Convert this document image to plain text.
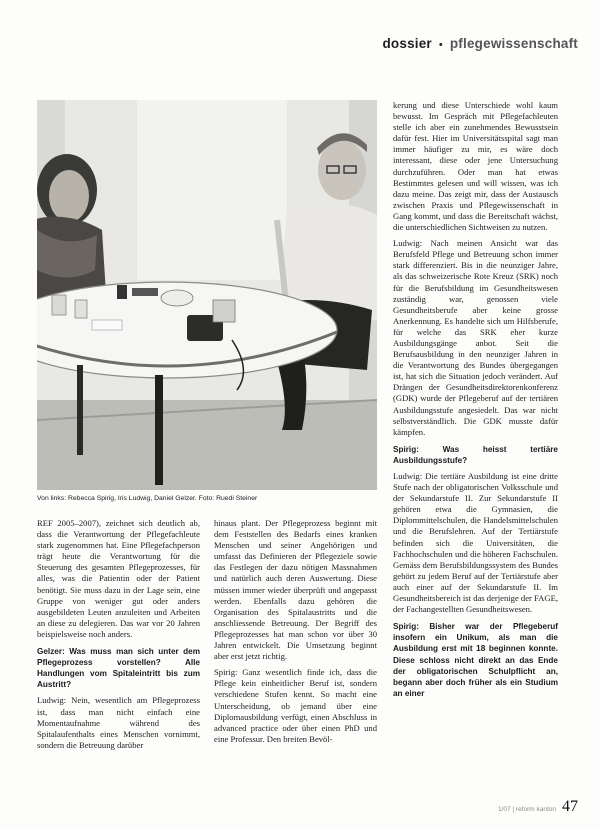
dossier • pflegewissenschaft
Von links: Rebecca Spirig, Iris Ludwig, Daniel Gelzer. Foto: Ruedi Steiner

REF 2005–2007), zeichnet sich deutlich ab, dass die Verantwortung der Pflegefachleute stark zugenommen hat. Eine Pflegefachperson trägt heute die Verantwortung für die Steuerung des gesamten Pflegeprozesses, für alles, was die Patientin oder der Patient benötigt. Sie muss dazu in der Lage sein, eine Gruppe von weniger gut oder anders ausgebildeten Leuten anzuleiten und Arbeiten an diese zu delegieren. Das war vor 20 Jahren beispielsweise noch anders.

Gelzer: Was muss man sich unter dem Pflegeprozess vorstellen? Alle Handlungen vom Spitaleintritt bis zum Austritt?

Ludwig: Nein, wesentlich am Pflegeprozess ist, dass man nicht einfach eine Momentaufnahme während des Spitalaufenthalts eines Menschen vornimmt, sondern die Betreuung darüber

hinaus plant. Der Pflegeprozess beginnt mit dem Feststellen des Bedarfs eines kranken Menschen und seiner Angehörigen und umfasst das Definieren der Pflegeziele sowie das Festlegen der dazu nötigen Massnahmen und natürlich auch deren Auswertung. Diese müssen immer wieder überprüft und angepasst werden. Ebenfalls dazu gehören die Organisation des Spitalaustritts und die anschliessende Betreuung. Der Begriff des Pflegeprozesses hat man schon vor über 30 Jahren entwickelt. Die Umsetzung beginnt aber erst jetzt richtig.

Spirig: Ganz wesentlich finde ich, dass die Pflege kein einheitlicher Beruf ist, sondern verschiedene Stufen kennt. So macht eine Unterscheidung, ob jemand über eine Diplomausbildung verfügt, einen Abschluss in advanced practice oder über einen PhD und eine Professur. Den breiten Bevöl-

kerung und diese Unterschiede wohl kaum bewusst. Im Gespräch mit Pflegefachleuten stelle ich aber ein zunehmendes Bewusstsein dafür fest. Hier im Universitätsspital sagt man immer häufiger zu mir, es wäre doch interessant, diese oder jene Untersuchung durchzuführen. Oder man hat etwas Bestimmtes gelesen und will wissen, was ich dazu meine. Das zeigt mir, dass der Austausch zwischen Praxis und Pflegewissenschaft in Gang kommt, und dass die Bereitschaft wächst, die unterschiedlichen Sichtweisen zu nutzen.

Ludwig: Nach meinen Ansicht war das Berufsfeld Pflege und Betreuung schon immer stark differenziert. Bis in die neunziger Jahre, als das schweizerische Rote Kreuz (SRK) noch für die Berufsbildung im Gesundheitswesen zuständig war, genossen viele Gesundheitsberufe aber keine grosse Anerkennung. Es handelte sich um Hilfsberufe, für welche das SRK eher kurze Ausbildungsgänge anbot. Seit die Berufsausbildung in den neunziger Jahren in die Verantwortung des Bundes übergegangen ist, hat sich die Situation jedoch verändert. Auf Drängen der Gesundheitsdirektorenkonferenz (GDK) wurde der Pflegeberuf auf der tertiären Ausbildungsstufe angesiedelt. Das war nicht selbstverständlich. Die GDK musste dafür kämpfen.

Spirig: Was heisst tertiäre Ausbildungsstufe?

Ludwig: Die tertiäre Ausbildung ist eine dritte Stufe nach der obligatorischen Volksschule und der Sekundarstufe II. Zur Sekundarstufe II gehören etwa die Gymnasien, die Diplommittelschulen, die Handelsmittelschulen und die Berufslehren. Auf der Tertiärstufe befinden sich die Universitäten, die Fachhochschulen und die höheren Fachschulen. Gemäss dem Berufsbildungssystem des Bundes gehört zu jedem Beruf auf der Tertiärstufe aber auch einer auf der Sekundarstufe II. Im Gesundheitsbereich ist das derjenige der FAGE, der Fachangestellten Gesundheitswesen.

Spirig: Bisher war der Pflegeberuf insofern ein Unikum, als man die Ausbildung erst mit 18 beginnen konnte. Diese schloss nicht direkt an das Ende der obligatorischen Schulpflicht an, begann aber doch früher als ein Studium an einer

1/07 | reform kanton 47
